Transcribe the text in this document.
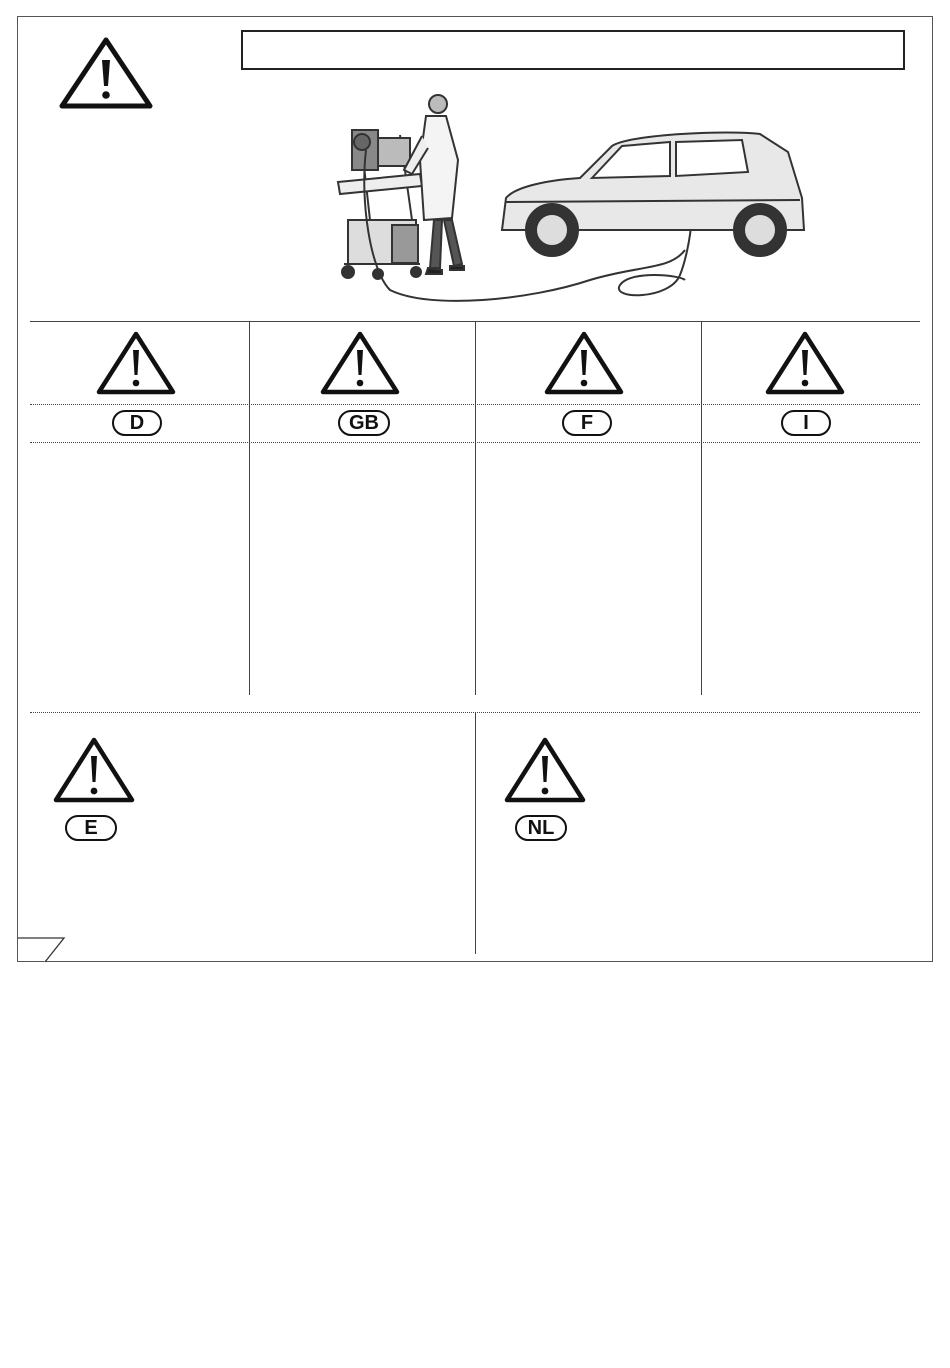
D	GB	F	I
E	NL
